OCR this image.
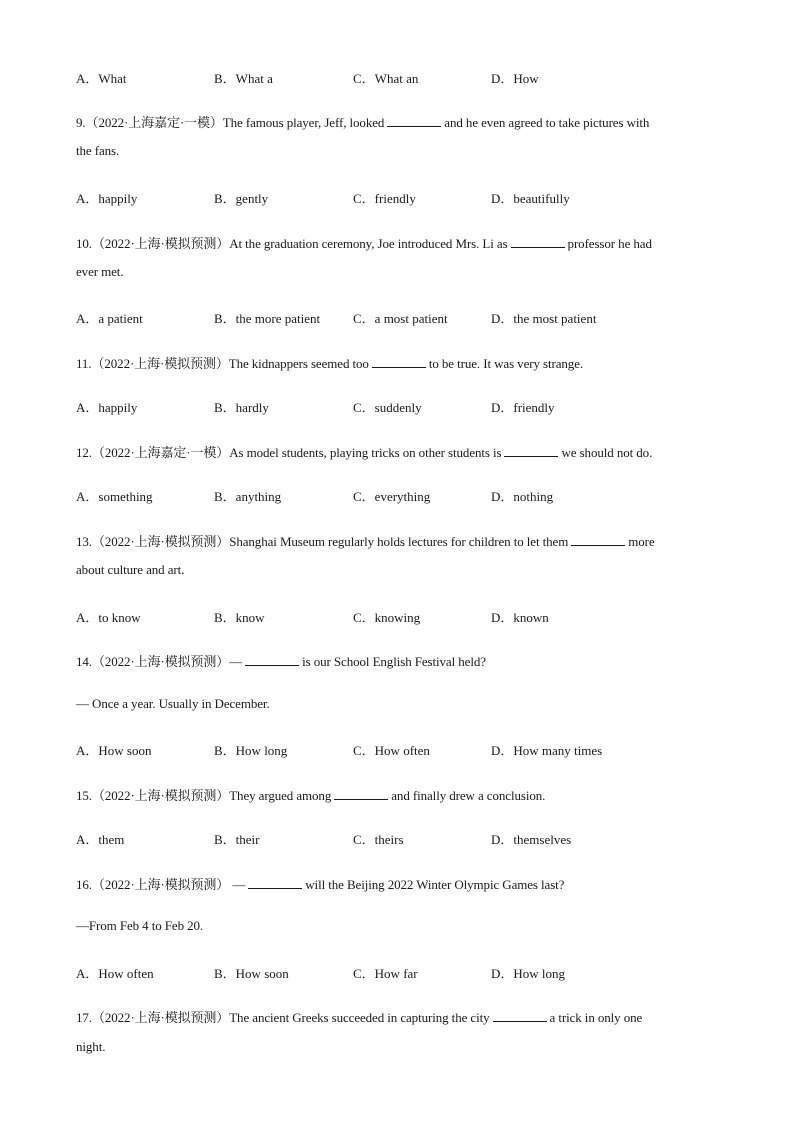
A．What	B．What a	C．What an	D．How
9.（2022·上海嘉定·一模）The famous player, Jeff, looked	and he even agreed to take pictures with
the fans.
A．happily	B．gently	C．friendly	D．beautifully
10.（2022·上海·模拟预测）At the graduation ceremony, Joe introduced Mrs. Li as	professor he had
ever met.
A．a patient	B．the more patient	C．a most patient	D．the most patient
11.（2022·上海·模拟预测）The kidnappers seemed too	to be true. It was very strange.
A．happily	B．hardly	C．suddenly	D．friendly
12.（2022·上海嘉定·一模）As model students, playing tricks on other students is	we should not do.
A．something	B．anything	C．everything	D．nothing
13.（2022·上海·模拟预测）Shanghai Museum regularly holds lectures for children to let them	more
about culture and art.
A．to know	B．know	C．knowing	D．known
14.（2022·上海·模拟预测）—	is our School English Festival held?
— Once a year. Usually in December.
A．How soon	B．How long	C．How often	D．How many times
15.（2022·上海·模拟预测）They argued among	and finally drew a conclusion.
A．them	B．their	C．theirs	D．themselves
16.（2022·上海·模拟预测） —	will the Beijing 2022 Winter Olympic Games last?
—From Feb 4 to Feb 20.
A．How often	B．How soon	C．How far	D．How long
17.（2022·上海·模拟预测）The ancient Greeks succeeded in capturing the city	a trick in only one
night.
